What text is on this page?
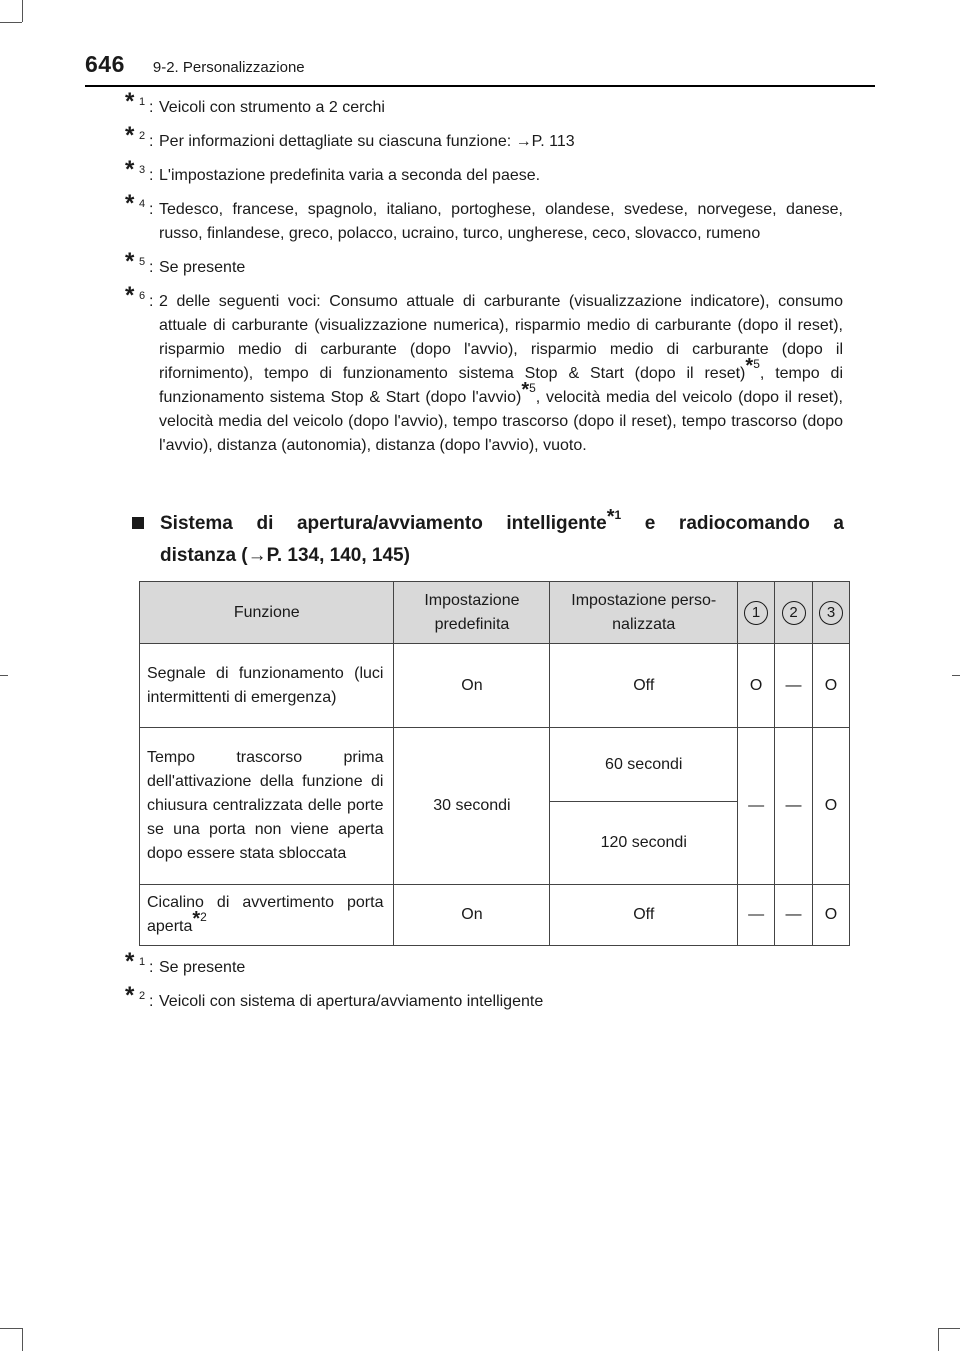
646 9-2. Personalizzazione
* 1 : Veicoli con strumento a 2 cerchi
* 2 : Per informazioni dettagliate su ciascuna funzione: →P. 113
* 3 : L'impostazione predefinita varia a seconda del paese.
* 4 : Tedesco, francese, spagnolo, italiano, portoghese, olandese, svedese, norvegese, danese, russo, finlandese, greco, polacco, ucraino, turco, ungherese, ceco, slovacco, rumeno
* 5 : Se presente
* 6 : 2 delle seguenti voci: Consumo attuale di carburante (visualizzazione indicatore), consumo attuale di carburante (visualizzazione numerica), risparmio medio di carburante (dopo il reset), risparmio medio di carburante (dopo l'avvio), risparmio medio di carburante (dopo il rifornimento), tempo di funzionamento sistema Stop & Start (dopo il reset)*$^5$, tempo di funzionamento sistema Stop & Start (dopo l'avvio)*$^5$, velocità media del veicolo (dopo il reset), velocità media del veicolo (dopo l'avvio), tempo trascorso (dopo il reset), tempo trascorso (dopo l'avvio), distanza (autonomia), distanza (dopo l'avvio), vuoto.
Sistema di apertura/avviamento intelligente*$^1$ e radiocomando a
distanza (→P. 134, 140, 145)
Funzione	Impostazione predefinita	Impostazione personalizzata	1	2	3
Segnale di funzionamento (luci intermittenti di emergenza)	On	Off	O	—	O
Tempo trascorso prima dell'attivazione della funzione di chiusura centralizzata delle porte se una porta non viene aperta dopo essere stata sbloccata	30 secondi	60 secondi	—	—	O
		120 secondi			
Cicalino di avvertimento porta aperta*$^2$	On	Off	—	—	O
* 1 : Se presente
* 2 : Veicoli con sistema di apertura/avviamento intelligente
